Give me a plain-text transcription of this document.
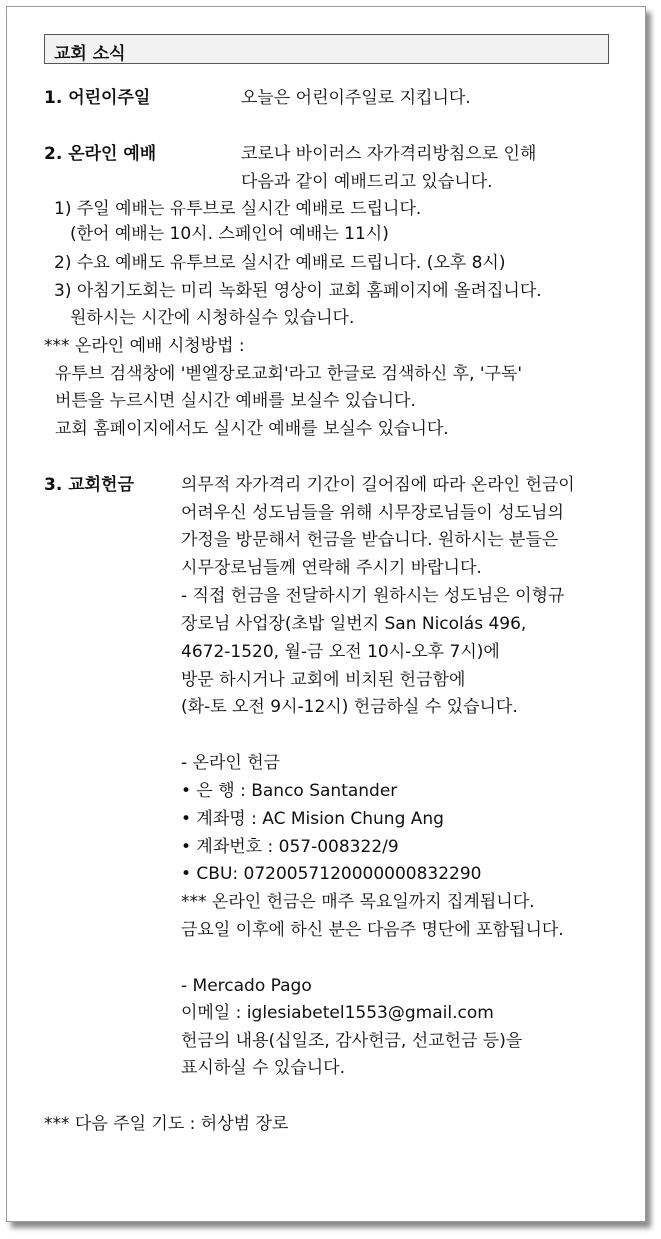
교회 소식
1. 어린이주일	오늘은 어린이주일로 지킵니다.
2. 온라인 예배	코로나 바이러스 자가격리방침으로 인해
다음과 같이 예배드리고 있습니다.
1) 주일 예배는 유투브로 실시간 예배로 드립니다.
(한어 예배는 10시. 스페인어 예배는 11시)
2) 수요 예배도 유투브로 실시간 예배로 드립니다. (오후 8시)
3) 아침기도회는 미리 녹화된 영상이 교회 홈페이지에 올려집니다.
원하시는 시간에 시청하실수 있습니다.
*** 온라인 예배 시청방법 :
유투브 검색창에 '벧엘장로교회'라고 한글로 검색하신 후, '구독'
버튼을 누르시면 실시간 예배를 보실수 있습니다.
교회 홈페이지에서도 실시간 예배를 보실수 있습니다.
3. 교회헌금	의무적 자가격리 기간이 길어짐에 따라 온라인 헌금이
어려우신 성도님들을 위해 시무장로님들이 성도님의
가정을 방문해서 헌금을 받습니다. 원하시는 분들은
시무장로님들께 연락해 주시기 바랍니다.
- 직접 헌금을 전달하시기 원하시는 성도님은 이형규
장로님 사업장(초밥 일번지 San Nicolás 496,
4672-1520, 월-금 오전 10시-오후 7시)에
방문 하시거나 교회에 비치된 헌금함에
(화-토 오전 9시-12시) 헌금하실 수 있습니다.
- 온라인 헌금
• 은 행 : Banco Santander
• 계좌명 : AC Mision Chung Ang
• 계좌번호 : 057-008322/9
• CBU: 0720057120000000832290
*** 온라인 헌금은 매주 목요일까지 집계됩니다.
금요일 이후에 하신 분은 다음주 명단에 포함됩니다.
- Mercado Pago
이메일 : iglesiabetel1553@gmail.com
헌금의 내용(십일조, 감사헌금, 선교헌금 등)을
표시하실 수 있습니다.
*** 다음 주일 기도 : 허상범 장로
